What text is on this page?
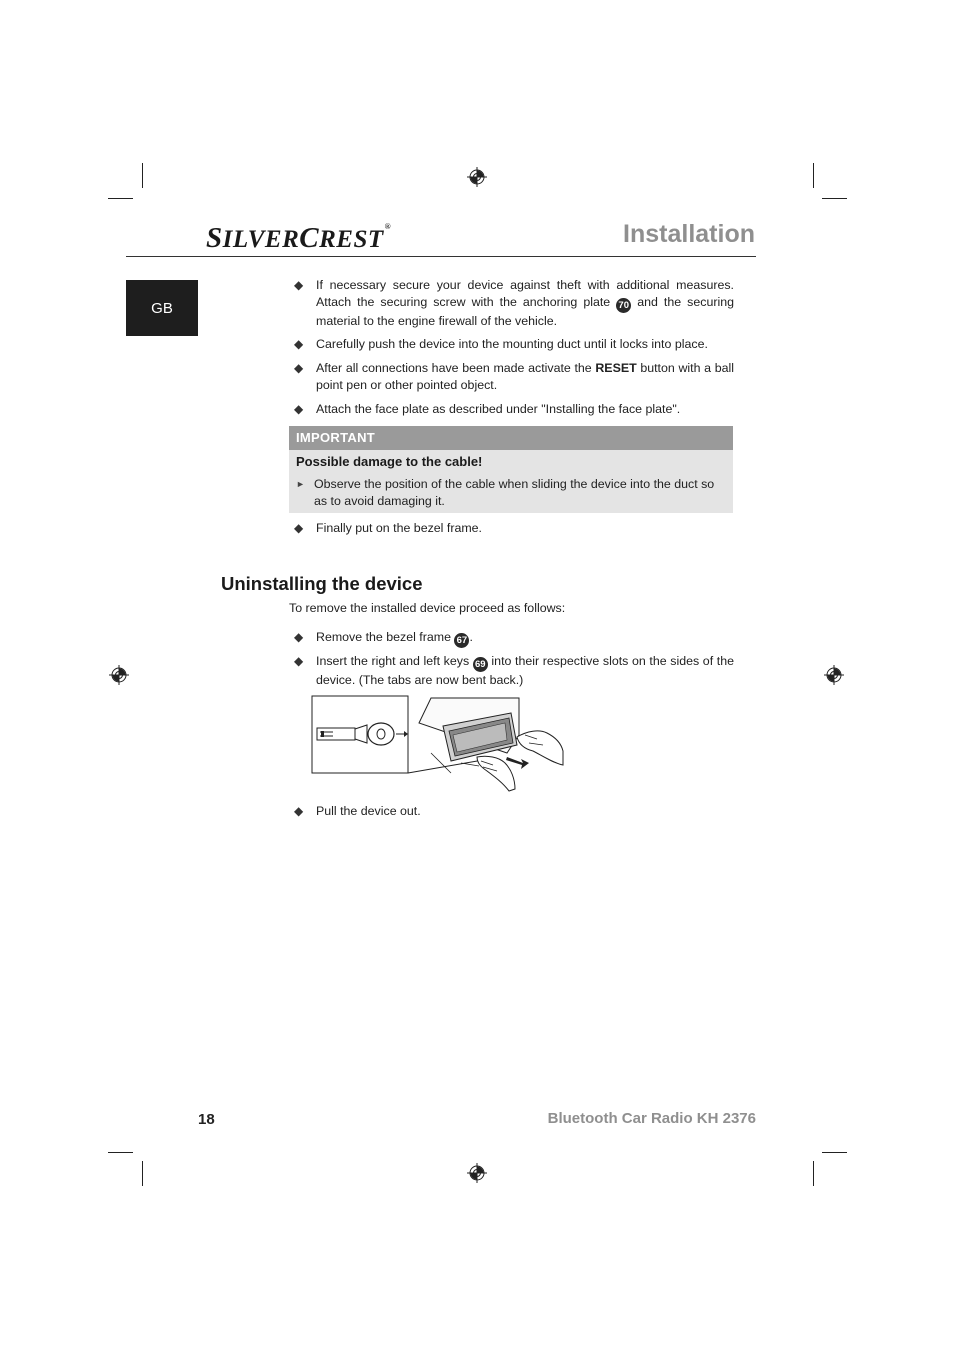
SILVERCREST®	Installation
GB
◆ If necessary secure your device against theft with additional measures. Attach the securing screw with the anchoring plate 70 and the securing material to the engine firewall of the vehicle.
◆ Carefully push the device into the mounting duct until it locks into place.
◆ After all connections have been made activate the RESET button with a ball point pen or other pointed object.
◆ Attach the face plate as described under "Installing the face plate".
IMPORTANT
Possible damage to the cable!
► Observe the position of the cable when sliding the device into the duct so as to avoid damaging it.
◆ Finally put on the bezel frame.
Uninstalling the device
To remove the installed device proceed as follows:
◆ Remove the bezel frame 67 .
◆ Insert the right and left keys 69 into their respective slots on the sides of the device. (The tabs are now bent back.)
◆ Pull the device out.
18	Bluetooth Car Radio KH 2376
